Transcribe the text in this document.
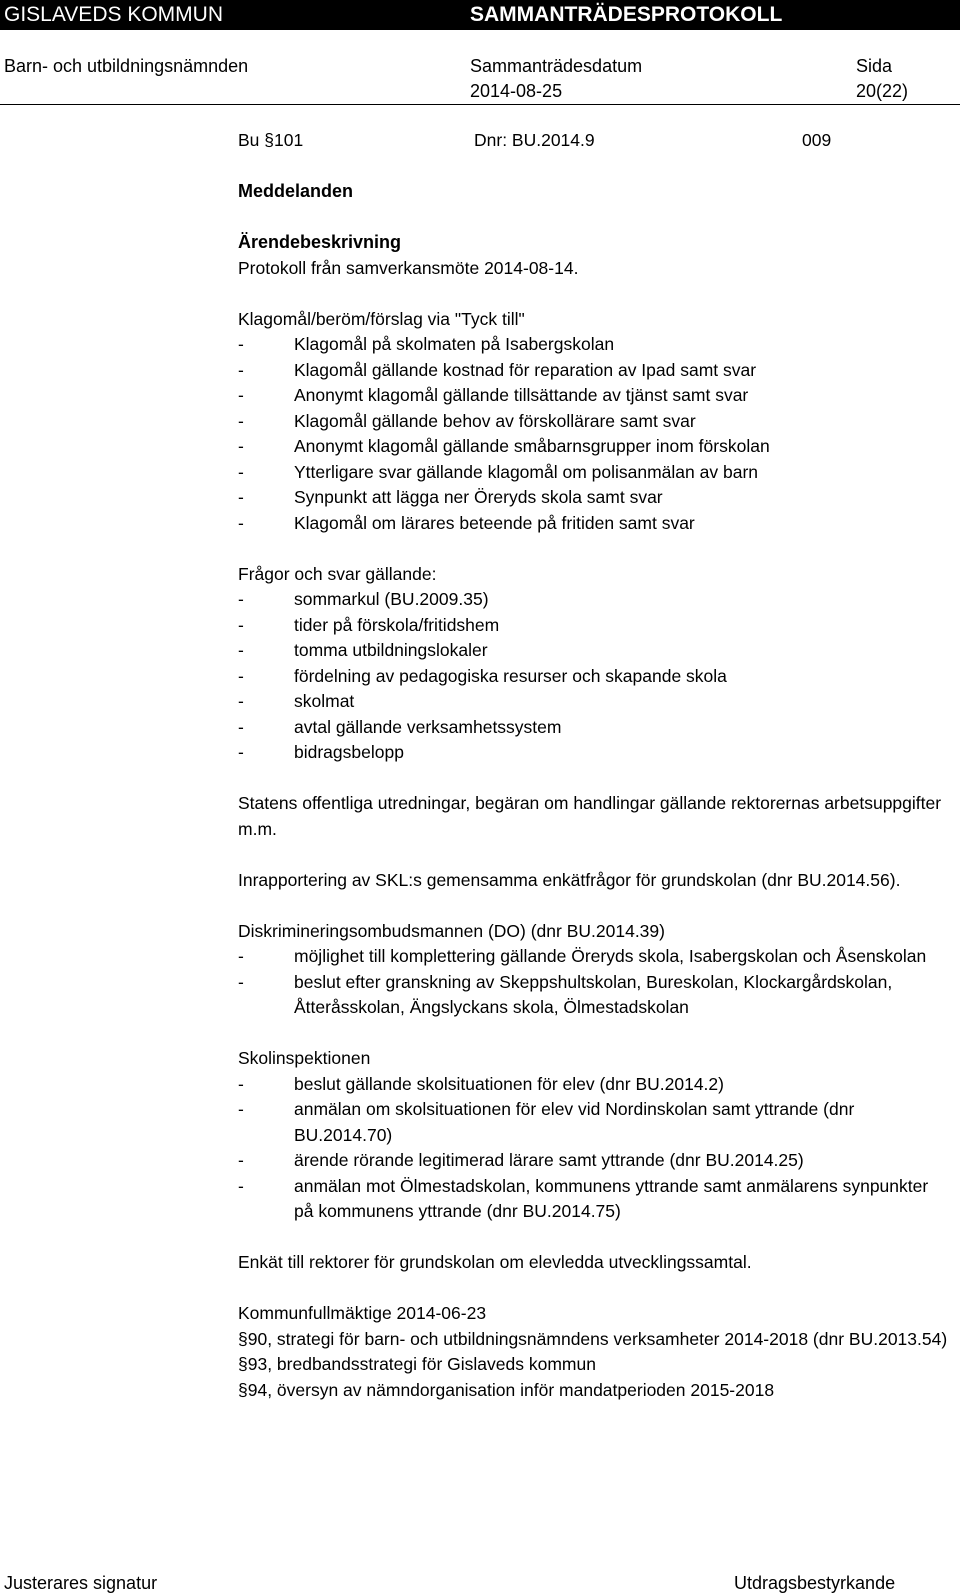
GISLAVEDS KOMMUN	SAMMANTRÄDESPROTOKOLL
Barn- och utbildningsnämnden	Sammanträdesdatum
2014-08-25
Sida
20(22)
Bu §101	Dnr: BU.2014.9	009
Meddelanden
Ärendebeskrivning
Protokoll från samverkansmöte 2014-08-14.
Klagomål/beröm/förslag via "Tyck till"
-	Klagomål på skolmaten på Isabergskolan
-	Klagomål gällande kostnad för reparation av Ipad samt svar
-	Anonymt klagomål gällande tillsättande av tjänst samt svar
-	Klagomål gällande behov av förskollärare samt svar
-	Anonymt klagomål gällande småbarnsgrupper inom förskolan
-	Ytterligare svar gällande klagomål om polisanmälan av barn
-	Synpunkt att lägga ner Öreryds skola samt svar
-	Klagomål om lärares beteende på fritiden samt svar
Frågor och svar gällande:
-	sommarkul (BU.2009.35)
-	tider på förskola/fritidshem
-	tomma utbildningslokaler
-	fördelning av pedagogiska resurser och skapande skola
-	skolmat
-	avtal gällande verksamhetssystem
-	bidragsbelopp
Statens offentliga utredningar, begäran om handlingar gällande rektorernas arbetsuppgifter m.m.
Inrapportering av SKL:s gemensamma enkätfrågor för grundskolan (dnr BU.2014.56).
Diskrimineringsombudsmannen (DO) (dnr BU.2014.39)
-	möjlighet till komplettering gällande Öreryds skola, Isabergskolan och Åsenskolan
-	beslut efter granskning av Skeppshultskolan, Bureskolan, Klockargårdskolan, Åtteråsskolan, Ängslyckans skola, Ölmestadskolan
Skolinspektionen
-	beslut gällande skolsituationen för elev (dnr BU.2014.2)
-	anmälan om skolsituationen för elev vid Nordinskolan samt yttrande (dnr BU.2014.70)
-	ärende rörande legitimerad lärare samt yttrande (dnr BU.2014.25)
-	anmälan mot Ölmestadskolan, kommunens yttrande samt anmälarens synpunkter på kommunens yttrande (dnr BU.2014.75)
Enkät till rektorer för grundskolan om elevledda utvecklingssamtal.
Kommunfullmäktige 2014-06-23
§90, strategi för barn- och utbildningsnämndens verksamheter 2014-2018 (dnr BU.2013.54)
§93, bredbandsstrategi för Gislaveds kommun
§94, översyn av nämndorganisation inför mandatperioden 2015-2018
Justerares signatur	Utdragsbestyrkande
